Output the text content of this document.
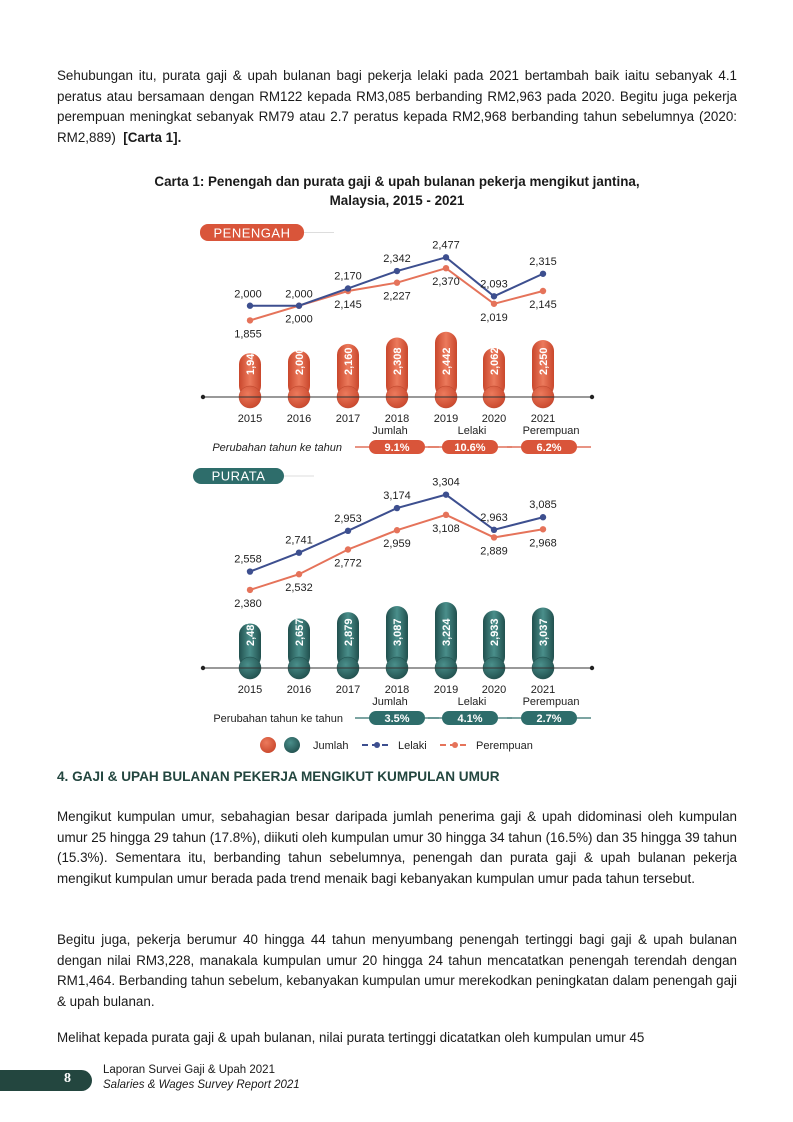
Sehubungan itu, purata gaji & upah bulanan bagi pekerja lelaki pada 2021 bertambah baik iaitu sebanyak 4.1 peratus atau bersamaan dengan RM122 kepada RM3,085 berbanding RM2,963 pada 2020. Begitu juga pekerja perempuan meningkat sebanyak RM79 atau 2.7 peratus kepada RM2,968 berbanding tahun sebelumnya (2020: RM2,889) [Carta 1].

Carta 1: Penengah dan purata gaji & upah bulanan pekerja mengikut jantina,
Malaysia, 2015 - 2021
PENENGAH
1,942	2,000	2,160	2,308	2,442	2,062	2,250
2015 2016 2017 2018 2019 2020 2021
2,000 2,000
2,170
2,342
2,477
2,093
2,315
1,855
2,000
2,145
2,227
2,370
2,019
2,145
Perubahan tahun ke tahun
Jumlah
9.1%
Lelaki
10.6%
Perempuan
6.2%
PURATA
2,487	2,657	2,879	3,087	3,224	2,933	3,037
2015 2016 2017 2018 2019 2020 2021
2,558
2,741
2,953
3,174
3,304
2,963
3,085
2,380
2,532
2,772
2,959
3,108
2,889
2,968
Perubahan tahun ke tahun
Jumlah
3.5%
Lelaki
4.1%
Perempuan
2.7%
Jumlah	Lelaki	Perempuan
4. GAJI & UPAH BULANAN PEKERJA MENGIKUT KUMPULAN UMUR

Mengikut kumpulan umur, sebahagian besar daripada jumlah penerima gaji & upah didominasi oleh kumpulan umur 25 hingga 29 tahun (17.8%), diikuti oleh kumpulan umur 30 hingga 34 tahun (16.5%) dan 35 hingga 39 tahun (15.3%). Sementara itu, berbanding tahun sebelumnya, penengah dan purata gaji & upah bulanan pekerja mengikut kumpulan umur berada pada trend menaik bagi kebanyakan kumpulan umur pada tahun tersebut.

Begitu juga, pekerja berumur 40 hingga 44 tahun menyumbang penengah tertinggi bagi gaji & upah bulanan dengan nilai RM3,228, manakala kumpulan umur 20 hingga 24 tahun mencatatkan penengah terendah dengan RM1,464. Berbanding tahun sebelum, kebanyakan kumpulan umur merekodkan peningkatan dalam penengah gaji & upah bulanan.

Melihat kepada purata gaji & upah bulanan, nilai purata tertinggi dicatatkan oleh kumpulan umur 45

8
Laporan Survei Gaji & Upah 2021
Salaries & Wages Survey Report 2021
